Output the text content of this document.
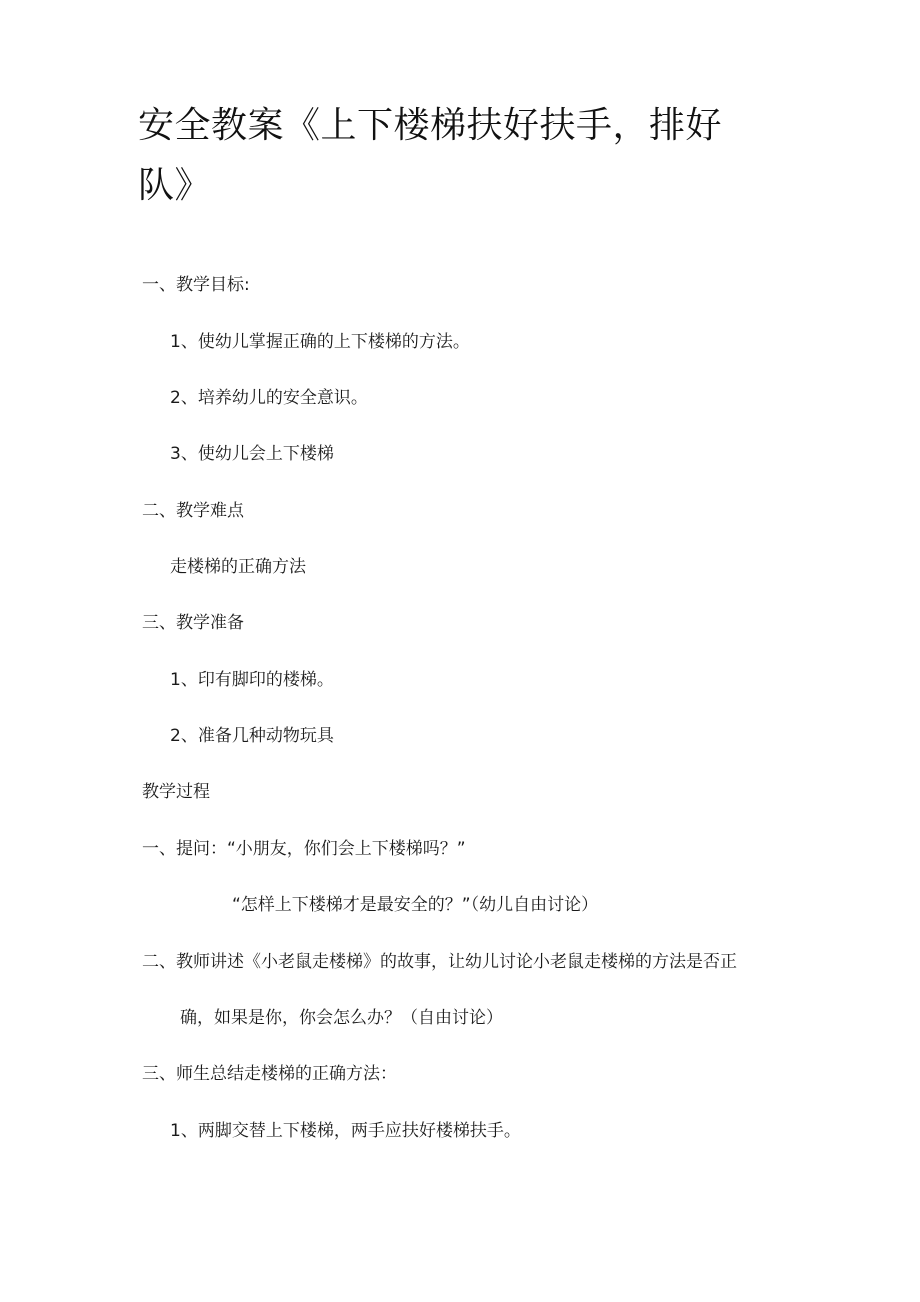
安全教案《上下楼梯扶好扶手，排好队》
一、教学目标:
1、使幼儿掌握正确的上下楼梯的方法。
2、培养幼儿的安全意识。
3、使幼儿会上下楼梯
二、教学难点
走楼梯的正确方法
三、教学准备
1、印有脚印的楼梯。
2、准备几种动物玩具
教学过程
一、提问：“小朋友，你们会上下楼梯吗？”
“怎样上下楼梯才是最安全的？”（幼儿自由讨论）
二、教师讲述《小老鼠走楼梯》的故事，让幼儿讨论小老鼠走楼梯的方法是否正
确，如果是你，你会怎么办？（自由讨论）
三、师生总结走楼梯的正确方法：
1、两脚交替上下楼梯，两手应扶好楼梯扶手。
